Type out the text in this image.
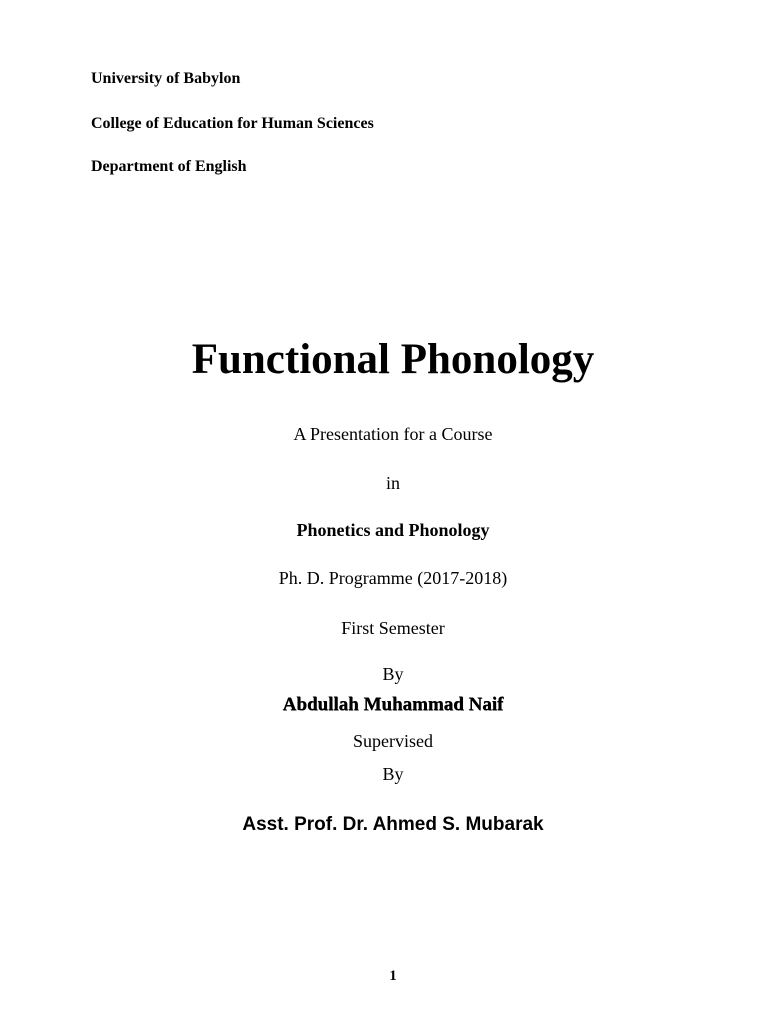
University of Babylon
College of Education for Human Sciences
Department of English
Functional Phonology
A Presentation for a Course
in
Phonetics and Phonology
Ph. D. Programme (2017-2018)
First Semester
By
Abdullah Muhammad Naif
Supervised
By
Asst. Prof. Dr. Ahmed S. Mubarak
1
